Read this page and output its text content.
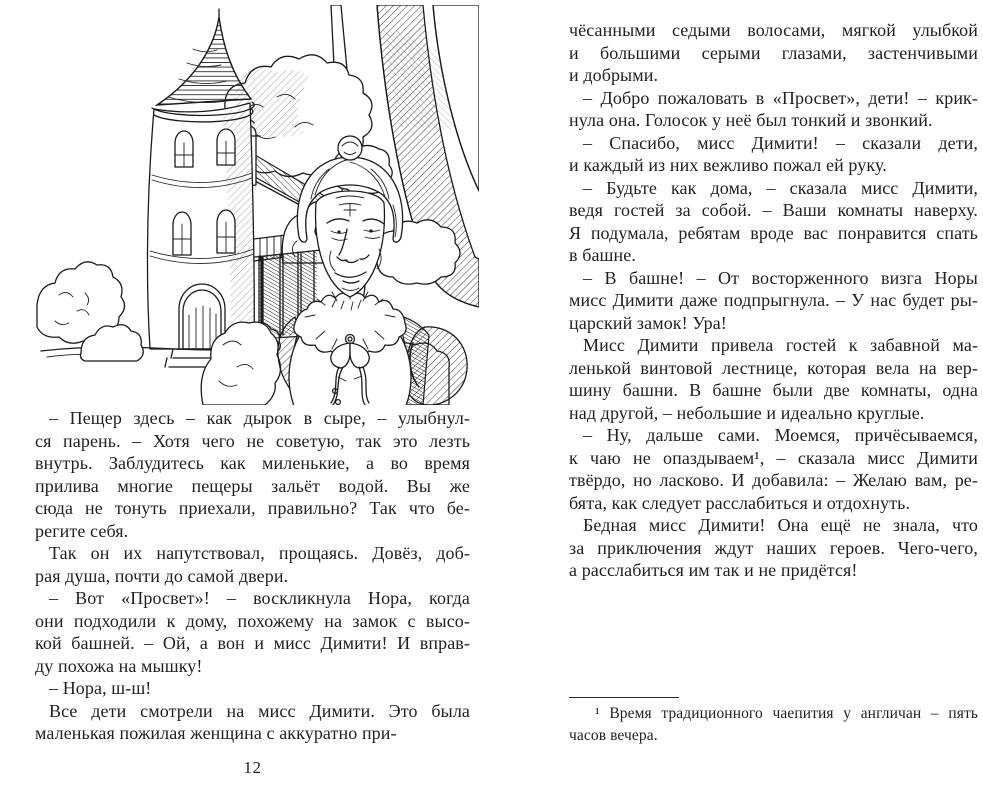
– Пещер здесь – как дырок в сыре, – улыбнул-
ся парень. – Хотя чего не советую, так это лезть
внутрь. Заблудитесь как миленькие, а во время
прилива многие пещеры зальёт водой. Вы же
сюда не тонуть приехали, правильно? Так что бе-
регите себя.
Так он их напутствовал, прощаясь. Довёз, доб-
рая душа, почти до самой двери.
– Вот «Просвет»! – воскликнула Нора, когда
они подходили к дому, похожему на замок с высо-
кой башней. – Ой, а вон и мисс Димити! И вправ-
ду похожа на мышку!
– Нора, ш-ш!
Все дети смотрели на мисс Димити. Это была
маленькая пожилая женщина с аккуратно при-
12
чёсанными седыми волосами, мягкой улыбкой
и большими серыми глазами, застенчивыми
и добрыми.
– Добро пожаловать в «Просвет», дети! – крик-
нула она. Голосок у неё был тонкий и звонкий.
– Спасибо, мисс Димити! – сказали дети,
и каждый из них вежливо пожал ей руку.
– Будьте как дома, – сказала мисс Димити,
ведя гостей за собой. – Ваши комнаты наверху.
Я подумала, ребятам вроде вас понравится спать
в башне.
– В башне! – От восторженного визга Норы
мисс Димити даже подпрыгнула. – У нас будет ры-
царский замок! Ура!
Мисс Димити привела гостей к забавной ма-
ленькой винтовой лестнице, которая вела на вер-
шину башни. В башне были две комнаты, одна
над другой, – небольшие и идеально круглые.
– Ну, дальше сами. Моемся, причёсываемся,
к чаю не опаздываем¹, – сказала мисс Димити
твёрдо, но ласково. И добавила: – Желаю вам, ре-
бята, как следует расслабиться и отдохнуть.
Бедная мисс Димити! Она ещё не знала, что
за приключения ждут наших героев. Чего-чего,
а расслабиться им так и не придётся!
¹ Время традиционного чаепития у англичан – пять
часов вечера.
